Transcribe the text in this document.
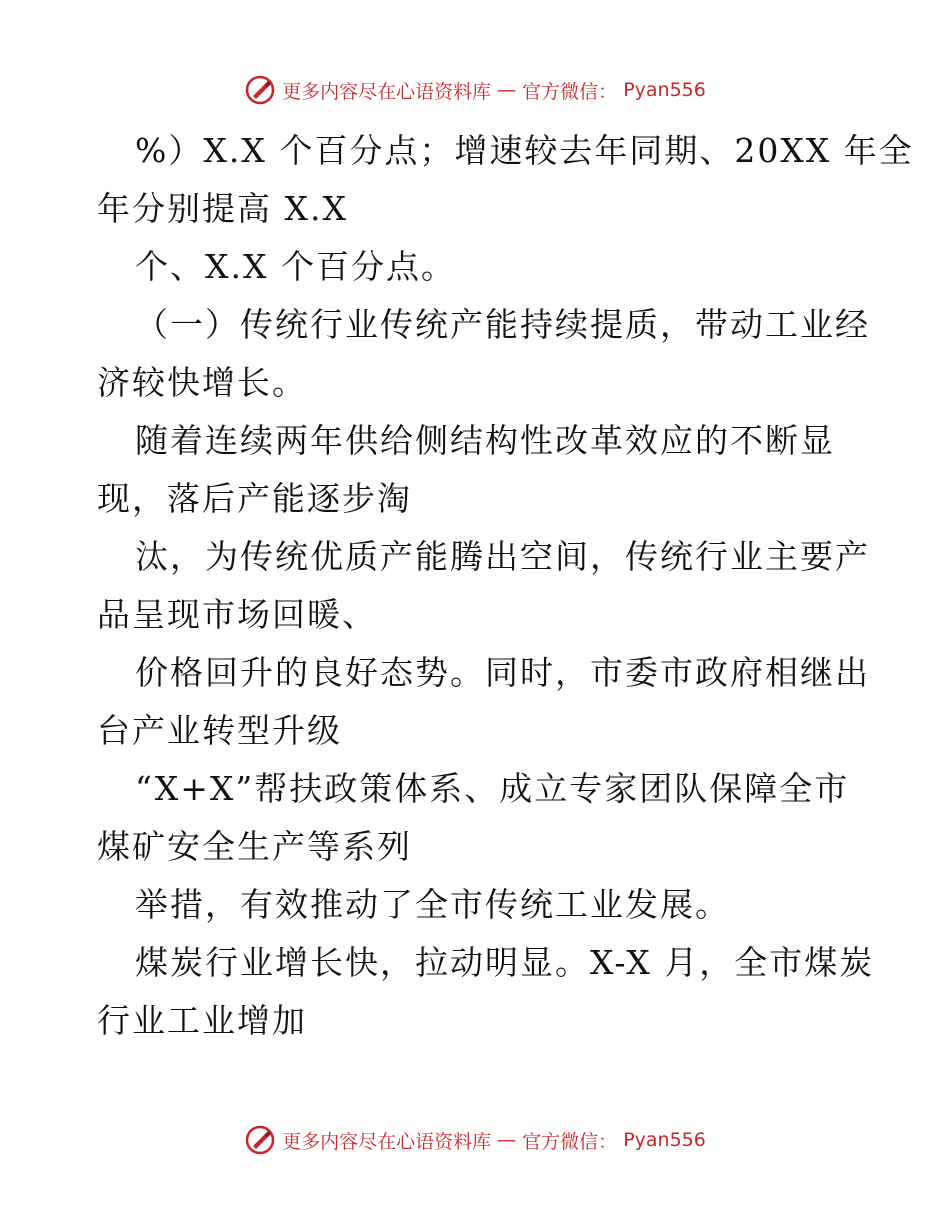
更多内容尽在心语资料库 — 官方微信： Pyan556

%）X.X 个百分点；增速较去年同期、20XX 年全

年分别提高 X.X

个、X.X 个百分点。

（一）传统行业传统产能持续提质，带动工业经

济较快增长。

随着连续两年供给侧结构性改革效应的不断显

现，落后产能逐步淘

汰，为传统优质产能腾出空间，传统行业主要产

品呈现市场回暖、

价格回升的良好态势。同时，市委市政府相继出

台产业转型升级

“X+X”帮扶政策体系、成立专家团队保障全市

煤矿安全生产等系列

举措，有效推动了全市传统工业发展。

煤炭行业增长快，拉动明显。X-X 月，全市煤炭

行业工业增加

更多内容尽在心语资料库 — 官方微信： Pyan556
